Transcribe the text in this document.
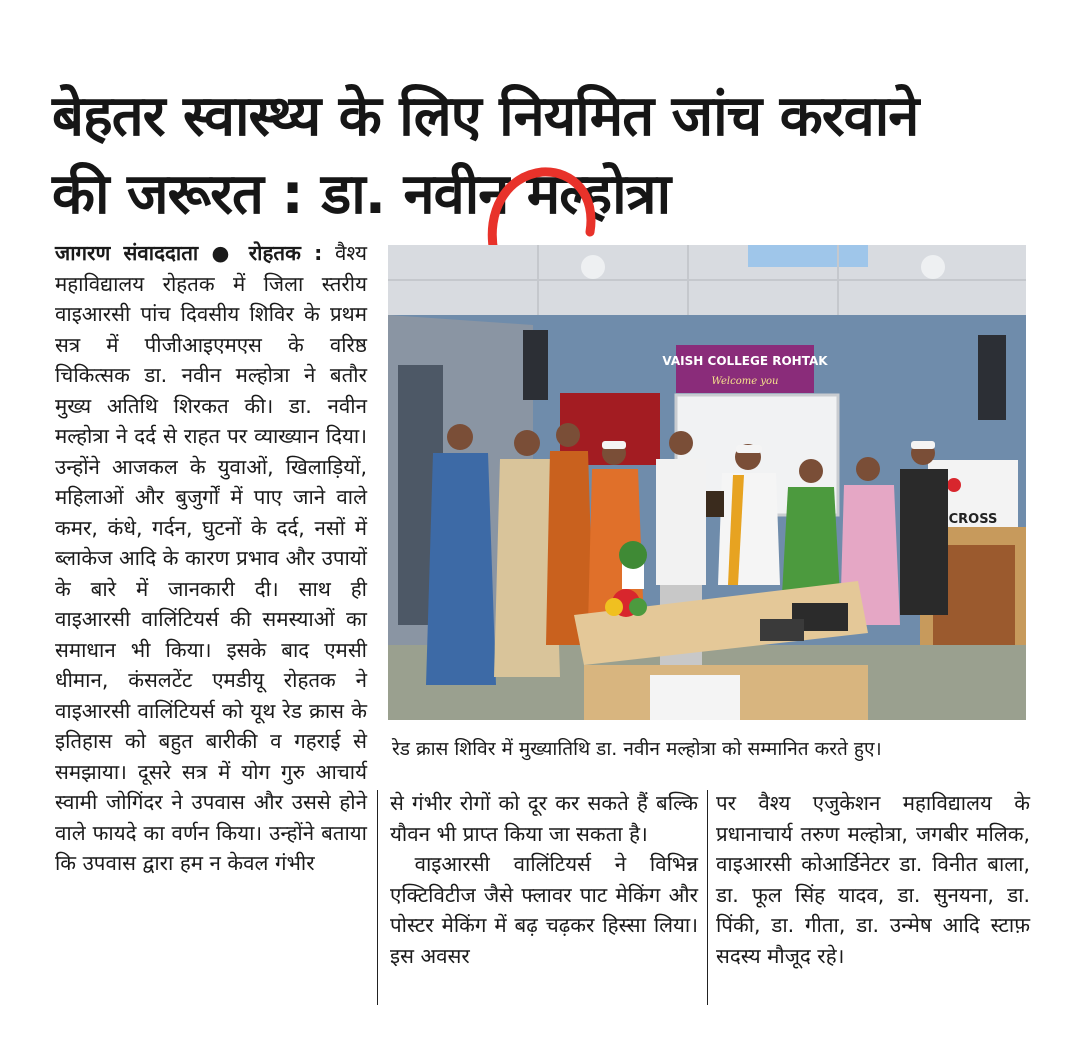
बेहतर स्वास्थ्य के लिए नियमित जांच करवाने
की जरूरत : डा. नवीन मल्होत्रा

जागरण संवाददाता ● रोहतक : वैश्य महाविद्यालय रोहतक में जिला स्तरीय वाइआरसी पांच दिवसीय शिविर के प्रथम सत्र में पीजीआइएमएस के वरिष्ठ चिकित्सक डा. नवीन मल्होत्रा ने बतौर मुख्य अतिथि शिरकत की। डा. नवीन मल्होत्रा ने दर्द से राहत पर व्याख्यान दिया। उन्होंने आजकल के युवाओं, खिलाड़ियों, महिलाओं और बुजुर्गों में पाए जाने वाले कमर, कंधे, गर्दन, घुटनों के दर्द, नसों में ब्लाकेज आदि के कारण प्रभाव और उपायों के बारे में जानकारी दी। साथ ही वाइआरसी वालिंटियर्स की समस्याओं का समाधान भी किया। इसके बाद एमसी धीमान, कंसलटेंट एमडीयू रोहतक ने वाइआरसी वालिंटियर्स को यूथ रेड क्रास के इतिहास को बहुत बारीकी व गहराई से समझाया। दूसरे सत्र में योग गुरु आचार्य स्वामी जोगिंदर ने उपवास और उससे होने वाले फायदे का वर्णन किया। उन्होंने बताया कि उपवास द्वारा हम न केवल गंभीर

VAISH COLLEGE ROHTAK
Welcome you
CROSS
रेड क्रास शिविर में मुख्यातिथि डा. नवीन मल्होत्रा को सम्मानित करते हुए।

से गंभीर रोगों को दूर कर सकते हैं बल्कि यौवन भी प्राप्त किया जा सकता है।

वाइआरसी वालिंटियर्स ने विभिन्न एक्टिविटीज जैसे फ्लावर पाट मेकिंग और पोस्टर मेकिंग में बढ़ चढ़कर हिस्सा लिया। इस अवसर

पर वैश्य एजुकेशन महाविद्यालय के प्रधानाचार्य तरुण मल्होत्रा, जगबीर मलिक, वाइआरसी कोआर्डिनेटर डा. विनीत बाला, डा. फूल सिंह यादव, डा. सुनयना, डा. पिंकी, डा. गीता, डा. उन्मेष आदि स्टाफ़ सदस्य मौजूद रहे।
